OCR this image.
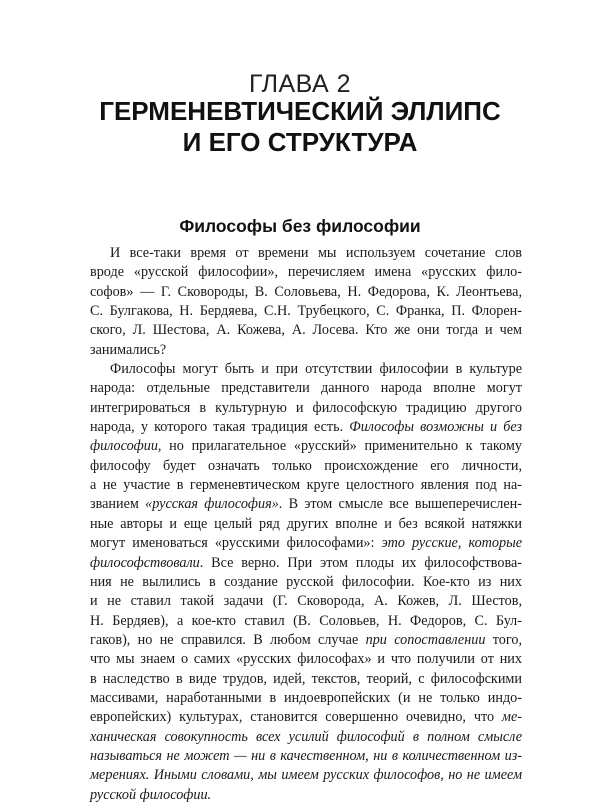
ГЛАВА 2
ГЕРМЕНЕВТИЧЕСКИЙ ЭЛЛИПС
И ЕГО СТРУКТУРА
Философы без философии
И все-таки время от времени мы используем сочетание слов
вроде «русской философии», перечисляем имена «русских фило-
софов» — Г. Сковороды, В. Соловьева, Н. Федорова, К. Леонтьева,
С. Булгакова, Н. Бердяева, С.Н. Трубецкого, С. Франка, П. Флорен-
ского, Л. Шестова, А. Кожева, А. Лосева. Кто же они тогда и чем
занимались?
Философы могут быть и при отсутствии философии в культуре
народа: отдельные представители данного народа вполне могут
интегрироваться в культурную и философскую традицию другого
народа, у которого такая традиция есть. Философы возможны и без
философии, но прилагательное «русский» применительно к такому
философу будет означать только происхождение его личности,
а не участие в герменевтическом круге целостного явления под на-
званием «русская философия». В этом смысле все вышеперечислен-
ные авторы и еще целый ряд других вполне и без всякой натяжки
могут именоваться «русскими философами»: это русские, которые
философствовали. Все верно. При этом плоды их философствова-
ния не вылились в создание русской философии. Кое-кто из них
и не ставил такой задачи (Г. Сковорода, А. Кожев, Л. Шестов,
Н. Бердяев), а кое-кто ставил (В. Соловьев, Н. Федоров, С. Бул-
гаков), но не справился. В любом случае при сопоставлении того,
что мы знаем о самих «русских философах» и что получили от них
в наследство в виде трудов, идей, текстов, теорий, с философскими
массивами, наработанными в индоевропейских (и не только индо-
европейских) культурах, становится совершенно очевидно, что ме-
ханическая совокупность всех усилий философий в полном смысле
называться не может — ни в качественном, ни в количественном из-
мерениях. Иными словами, мы имеем русских философов, но не имеем
русской философии.
